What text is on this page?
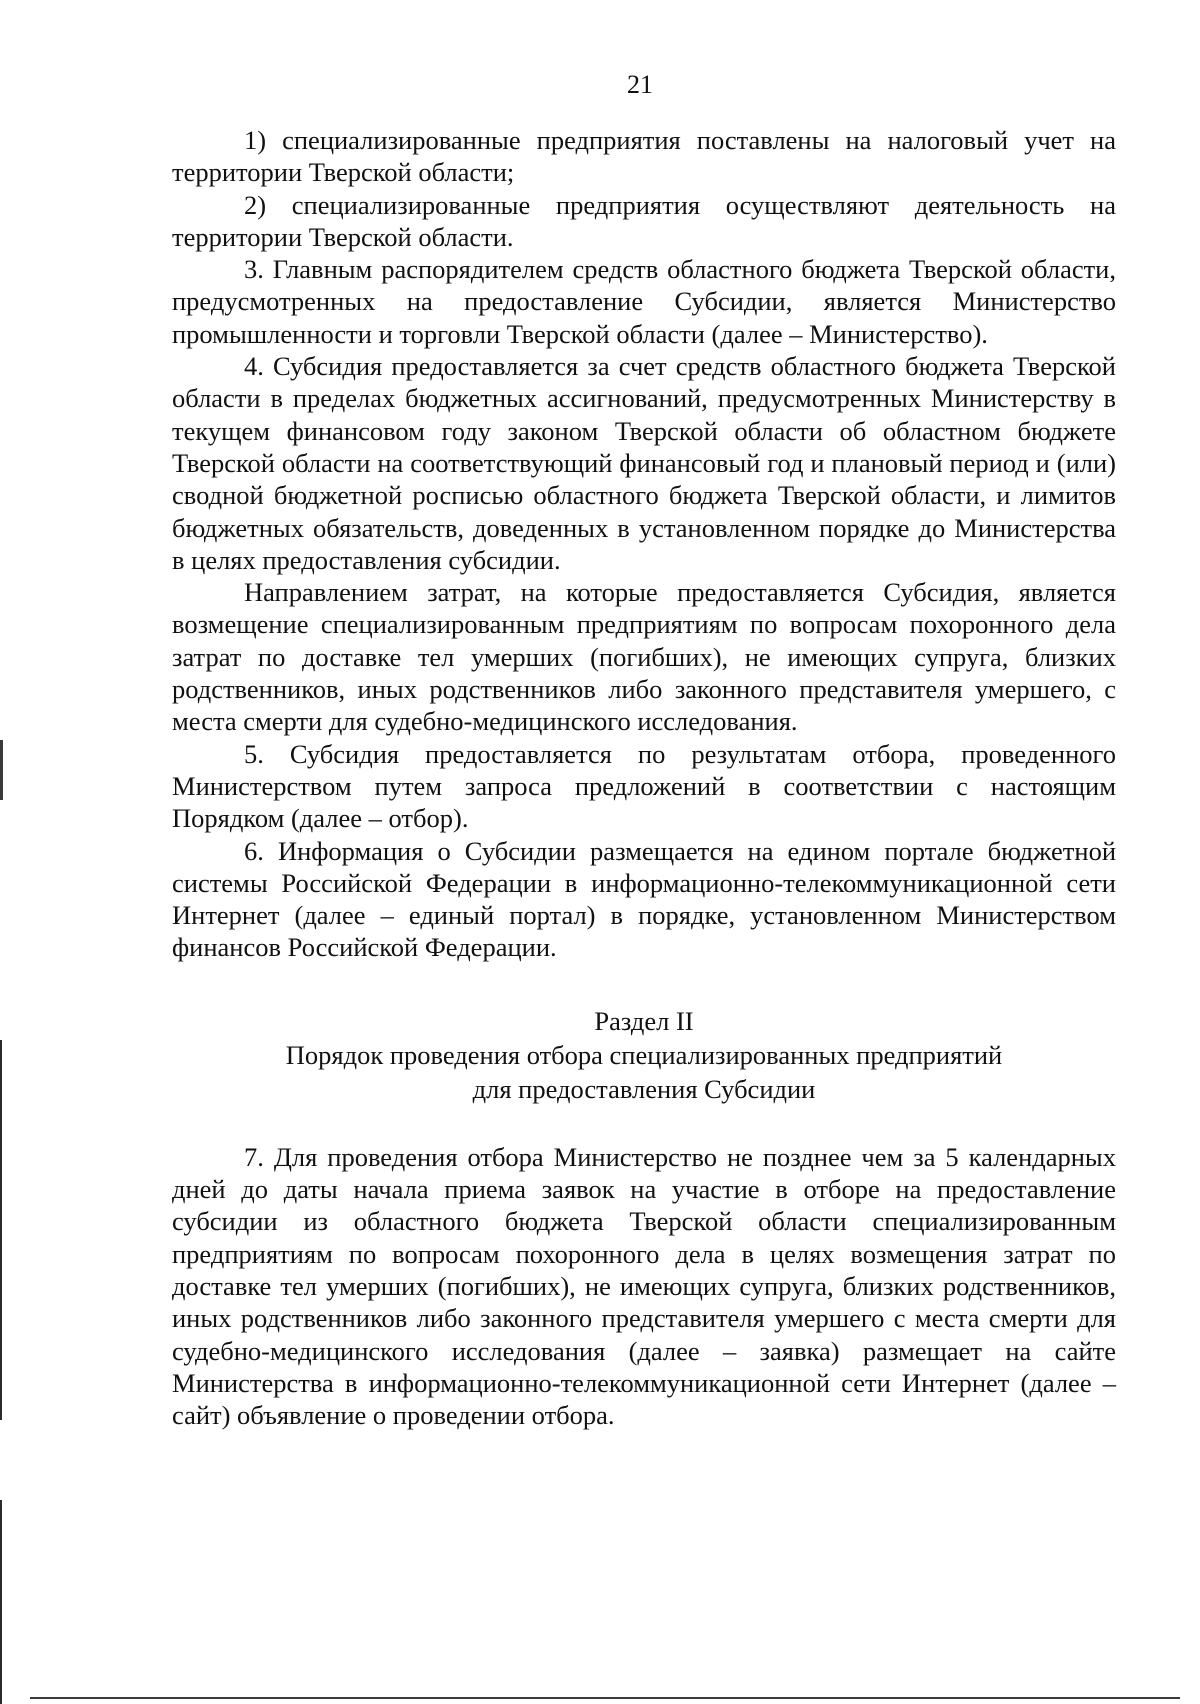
21

1) специализированные предприятия поставлены на налоговый учет на территории Тверской области;

2) специализированные предприятия осуществляют деятельность на территории Тверской области.

3. Главным распорядителем средств областного бюджета Тверской области, предусмотренных на предоставление Субсидии, является Министерство промышленности и торговли Тверской области (далее – Министерство).

4. Субсидия предоставляется за счет средств областного бюджета Тверской области в пределах бюджетных ассигнований, предусмотренных Министерству в текущем финансовом году законом Тверской области об областном бюджете Тверской области на соответствующий финансовый год и плановый период и (или) сводной бюджетной росписью областного бюджета Тверской области, и лимитов бюджетных обязательств, доведенных в установленном порядке до Министерства в целях предоставления субсидии.

Направлением затрат, на которые предоставляется Субсидия, является возмещение специализированным предприятиям по вопросам похоронного дела затрат по доставке тел умерших (погибших), не имеющих супруга, близких родственников, иных родственников либо законного представителя умершего, с места смерти для судебно-медицинского исследования.

5. Субсидия предоставляется по результатам отбора, проведенного Министерством путем запроса предложений в соответствии с настоящим Порядком (далее – отбор).

6. Информация о Субсидии размещается на едином портале бюджетной системы Российской Федерации в информационно-телекоммуникационной сети Интернет (далее – единый портал) в порядке, установленном Министерством финансов Российской Федерации.

Раздел II
Порядок проведения отбора специализированных предприятий
для предоставления Субсидии

7. Для проведения отбора Министерство не позднее чем за 5 календарных дней до даты начала приема заявок на участие в отборе на предоставление субсидии из областного бюджета Тверской области специализированным предприятиям по вопросам похоронного дела в целях возмещения затрат по доставке тел умерших (погибших), не имеющих супруга, близких родственников, иных родственников либо законного представителя умершего с места смерти для судебно-медицинского исследования (далее – заявка) размещает на сайте Министерства в информационно-телекоммуникационной сети Интернет (далее – сайт) объявление о проведении отбора.
